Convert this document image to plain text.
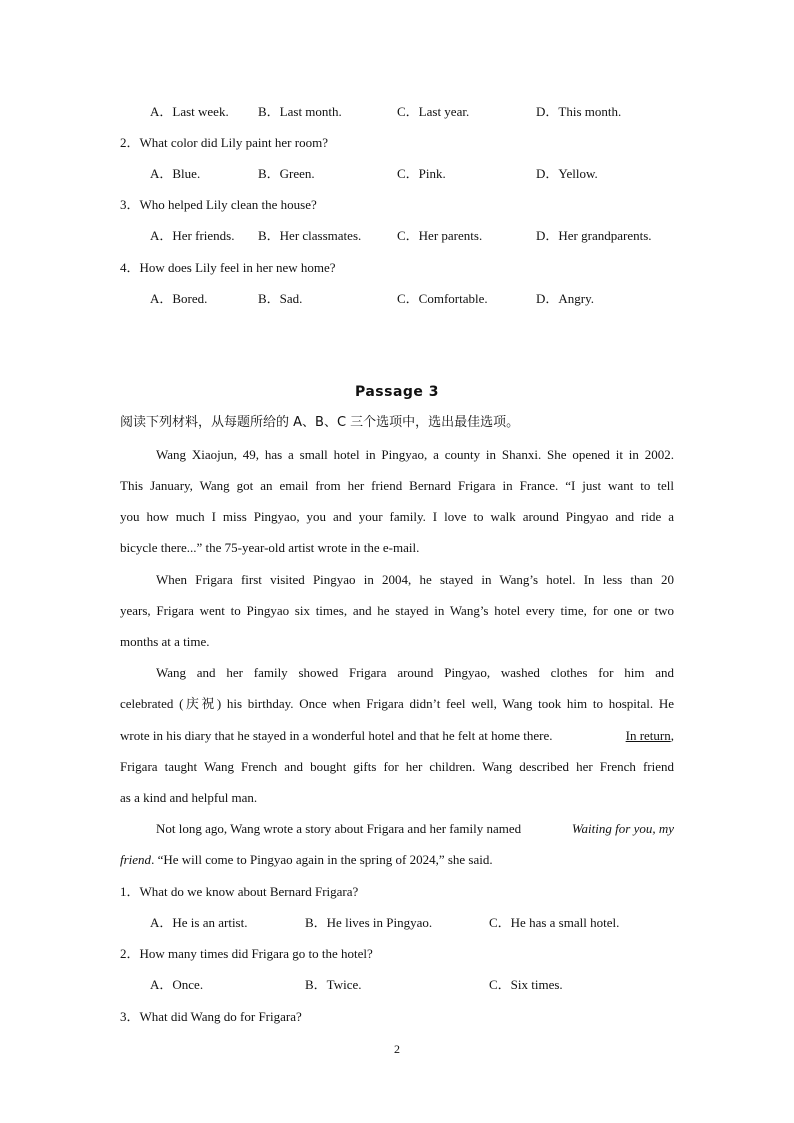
A．Last week. B．Last month.	C．Last year.	D．This month.
2．What color did Lily paint her room?
A．Blue.	B．Green.	C．Pink.	D．Yellow.
3．Who helped Lily clean the house?
A．Her friends. B．Her classmates.	C．Her parents.	D．Her grandparents.
4．How does Lily feel in her new home?
A．Bored.	B．Sad.	C．Comfortable.	D．Angry.
Passage 3
阅读下列材料，从每题所给的 A、B、C 三个选项中，选出最佳选项。
Wang Xiaojun, 49, has a small hotel in Pingyao, a county in Shanxi. She opened it in 2002.
This January, Wang got an email from her friend Bernard Frigara in France. “I just want to tell
you how much I miss Pingyao, you and your family. I love to walk around Pingyao and ride a
bicycle there...” the 75-year-old artist wrote in the e-mail.
When Frigara first visited Pingyao in 2004, he stayed in Wang’s hotel. In less than 20
years, Frigara went to Pingyao six times, and he stayed in Wang’s hotel every time, for one or two
months at a time.
Wang and her family showed Frigara around Pingyao, washed clothes for him and
celebrated (庆祝) his birthday. Once when Frigara didn’t feel well, Wang took him to hospital. He
wrote in his diary that he stayed in a wonderful hotel and that he felt at home there.	In return,
Frigara taught Wang French and bought gifts for her children. Wang described her French friend
as a kind and helpful man.
Not long ago, Wang wrote a story about Frigara and her family named	Waiting for you, my
friend. “He will come to Pingyao again in the spring of 2024,” she said.
1．What do we know about Bernard Frigara?
A．He is an artist.	B．He lives in Pingyao.	C．He has a small hotel.
2．How many times did Frigara go to the hotel?
A．Once.	B．Twice.	C．Six times.
3．What did Wang do for Frigara?
2
